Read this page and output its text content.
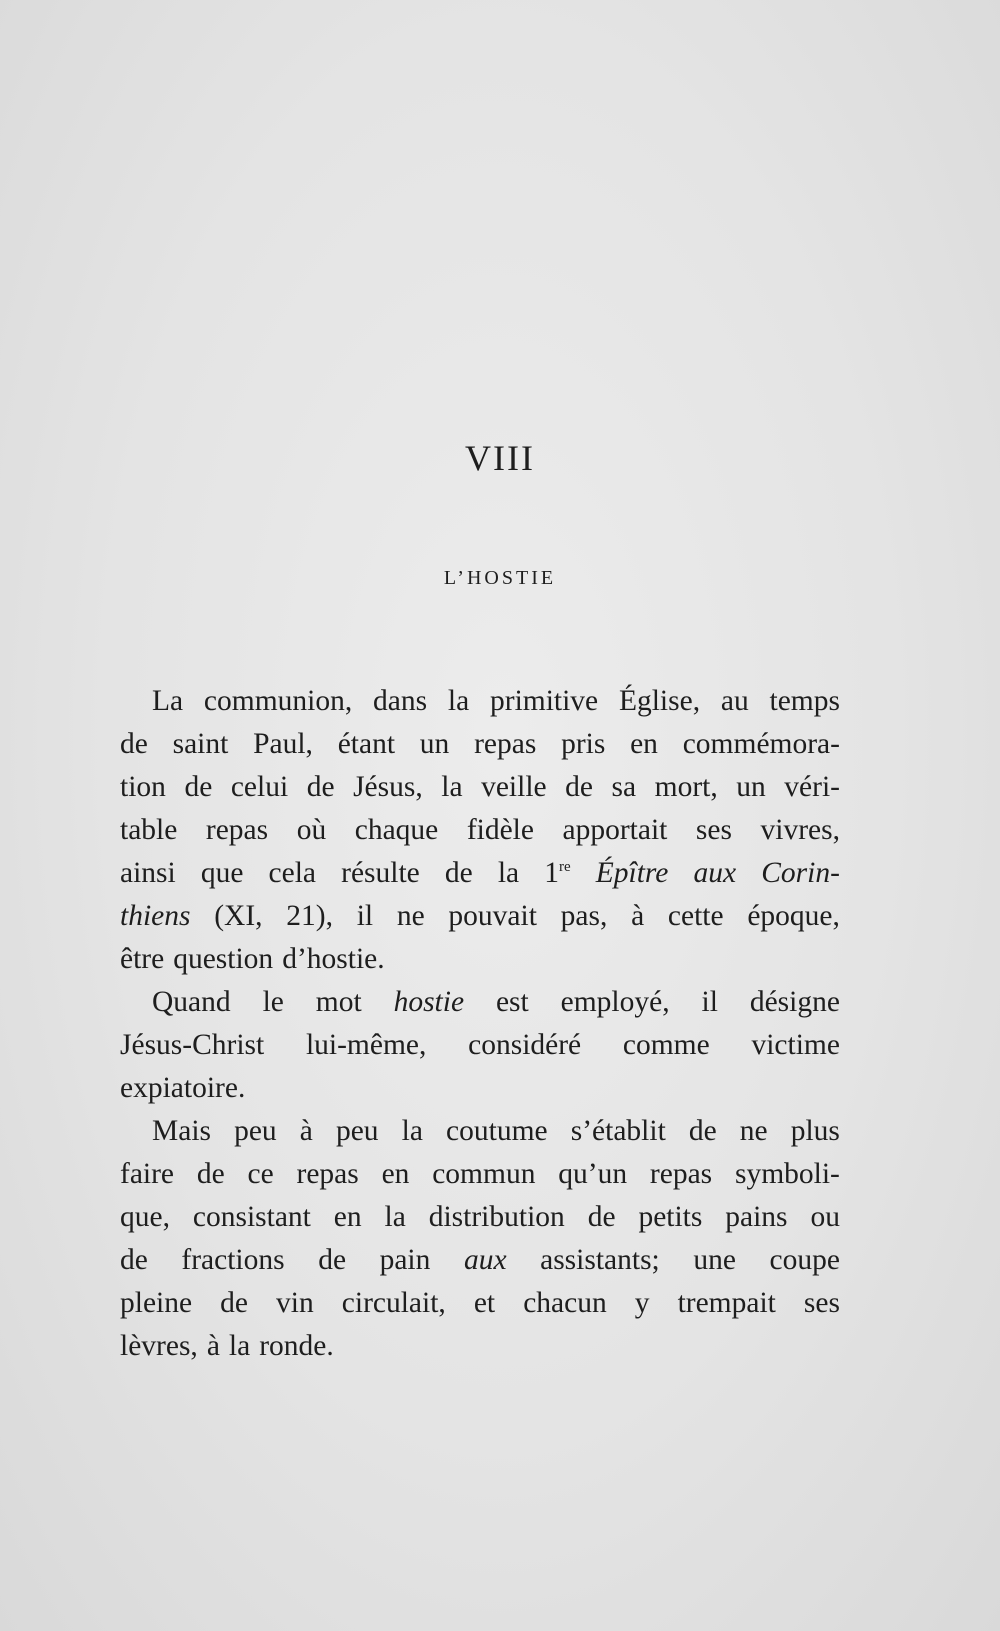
VIII
L’HOSTIE
La communion, dans la primitive Église, au temps
de saint Paul, étant un repas pris en commémora-
tion de celui de Jésus, la veille de sa mort, un véri-
table repas où chaque fidèle apportait ses vivres,
ainsi que cela résulte de la 1re Épître aux Corin-
thiens (XI, 21), il ne pouvait pas, à cette époque,
être question d’hostie.
Quand le mot hostie est employé, il désigne
Jésus-Christ lui-même, considéré comme victime
expiatoire.
Mais peu à peu la coutume s’établit de ne plus
faire de ce repas en commun qu’un repas symboli-
que, consistant en la distribution de petits pains ou
de fractions de pain aux assistants; une coupe
pleine de vin circulait, et chacun y trempait ses
lèvres, à la ronde.
